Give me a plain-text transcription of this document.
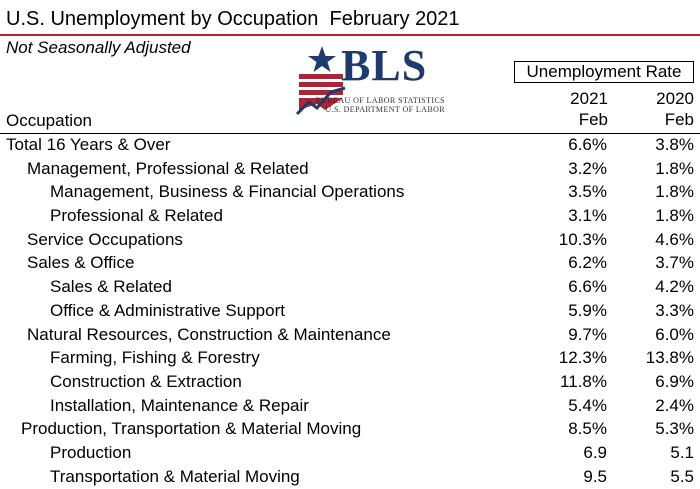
U.S. Unemployment by Occupation  February 2021
Not Seasonally Adjusted	BLS
BUREAU OF LABOR STATISTICS
U.S. DEPARTMENT OF LABOR
Unemployment Rate
2021
Feb
2020
Feb
Occupation
Total 16 Years & Over	6.6%	3.8%
Management, Professional & Related	3.2%	1.8%
Management, Business & Financial Operations	3.5%	1.8%
Professional & Related	3.1%	1.8%
Service Occupations	10.3%	4.6%
Sales & Office	6.2%	3.7%
Sales & Related	6.6%	4.2%
Office & Administrative Support	5.9%	3.3%
Natural Resources, Construction & Maintenance	9.7%	6.0%
Farming, Fishing & Forestry	12.3% 13.8%
Construction & Extraction	11.8%	6.9%
Installation, Maintenance & Repair	5.4%	2.4%
Production, Transportation & Material Moving	8.5%	5.3%
Production	6.9	5.1
Transportation & Material Moving	9.5	5.5
